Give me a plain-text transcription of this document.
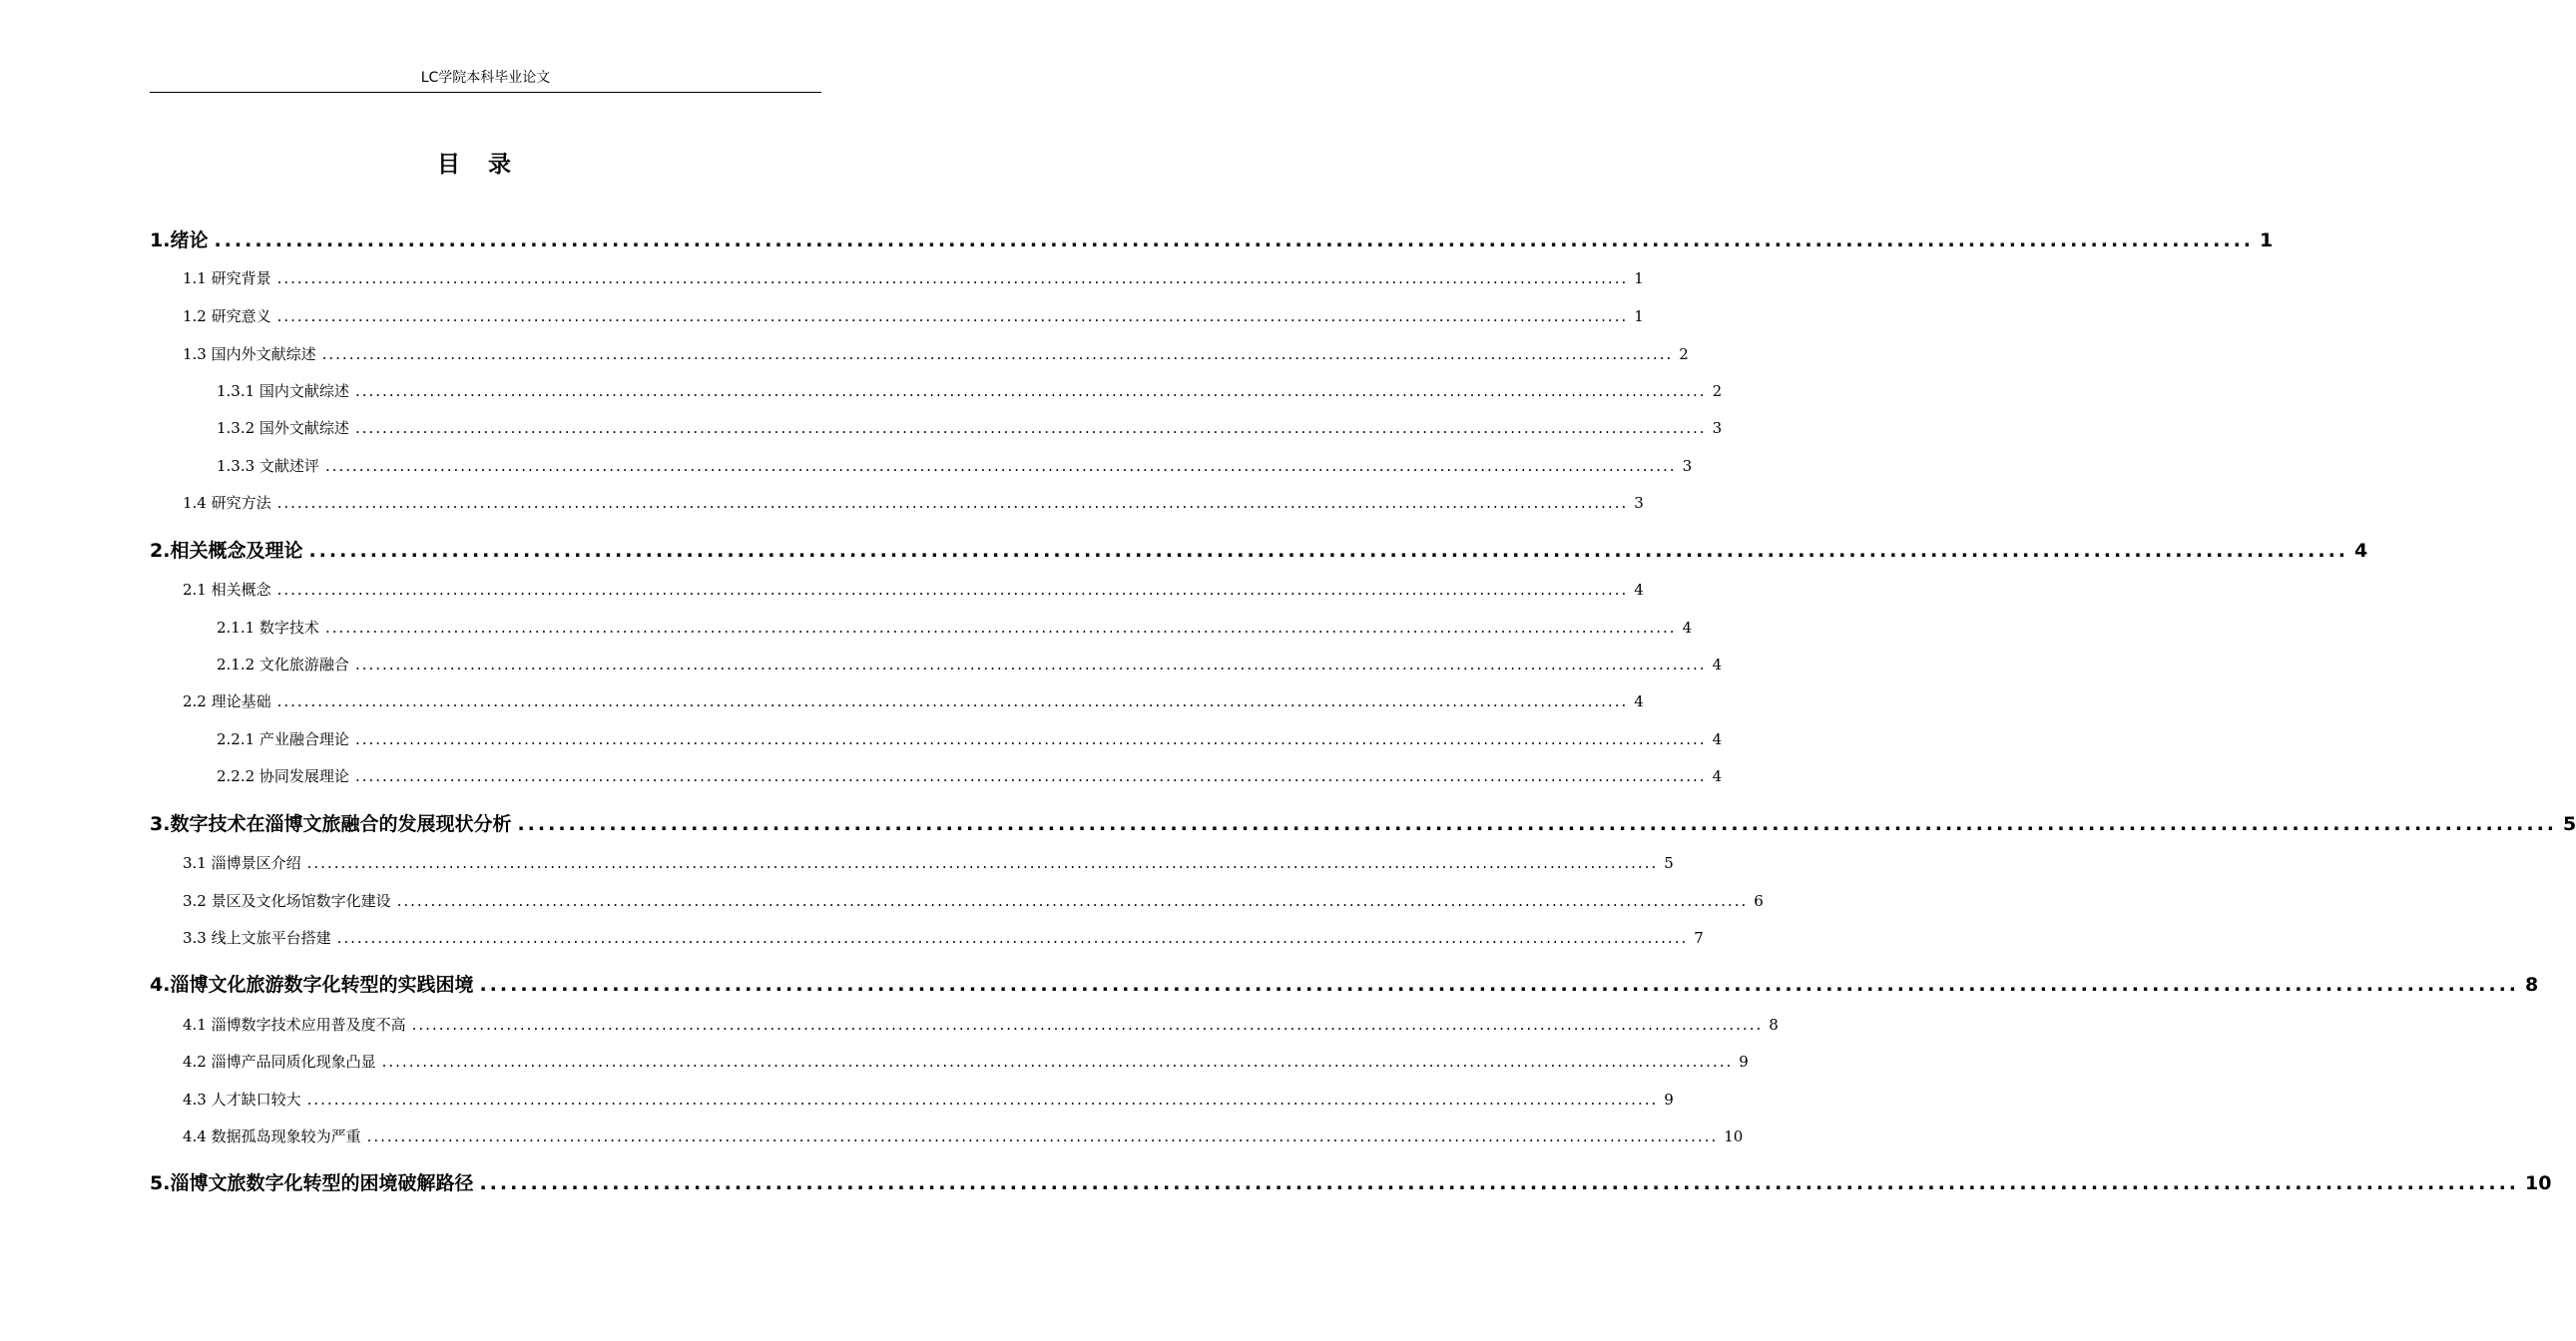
LC学院本科毕业论文
目录
1.绪论 ........................................................................................................................................................................................................ 1
1.1 研究背景 ........................................................................................................................................................................................................ 1
1.2 研究意义 ........................................................................................................................................................................................................ 1
1.3 国内外文献综述 ........................................................................................................................................................................................................ 2
1.3.1 国内文献综述 ........................................................................................................................................................................................................ 2
1.3.2 国外文献综述 ........................................................................................................................................................................................................ 3
1.3.3 文献述评 ........................................................................................................................................................................................................ 3
1.4 研究方法 ........................................................................................................................................................................................................ 3
2.相关概念及理论 ........................................................................................................................................................................................................ 4
2.1 相关概念 ........................................................................................................................................................................................................ 4
2.1.1 数字技术 ........................................................................................................................................................................................................ 4
2.1.2 文化旅游融合 ........................................................................................................................................................................................................ 4
2.2 理论基础 ........................................................................................................................................................................................................ 4
2.2.1 产业融合理论 ........................................................................................................................................................................................................ 4
2.2.2 协同发展理论 ........................................................................................................................................................................................................ 4
3.数字技术在淄博文旅融合的发展现状分析 ........................................................................................................................................................................................................ 5
3.1 淄博景区介绍 ........................................................................................................................................................................................................ 5
3.2 景区及文化场馆数字化建设 ........................................................................................................................................................................................................ 6
3.3 线上文旅平台搭建 ........................................................................................................................................................................................................ 7
4.淄博文化旅游数字化转型的实践困境 ........................................................................................................................................................................................................ 8
4.1 淄博数字技术应用普及度不高 ........................................................................................................................................................................................................ 8
4.2 淄博产品同质化现象凸显 ........................................................................................................................................................................................................ 9
4.3 人才缺口较大 ........................................................................................................................................................................................................ 9
4.4 数据孤岛现象较为严重 ........................................................................................................................................................................................................ 10
5.淄博文旅数字化转型的困境破解路径 ........................................................................................................................................................................................................ 10
